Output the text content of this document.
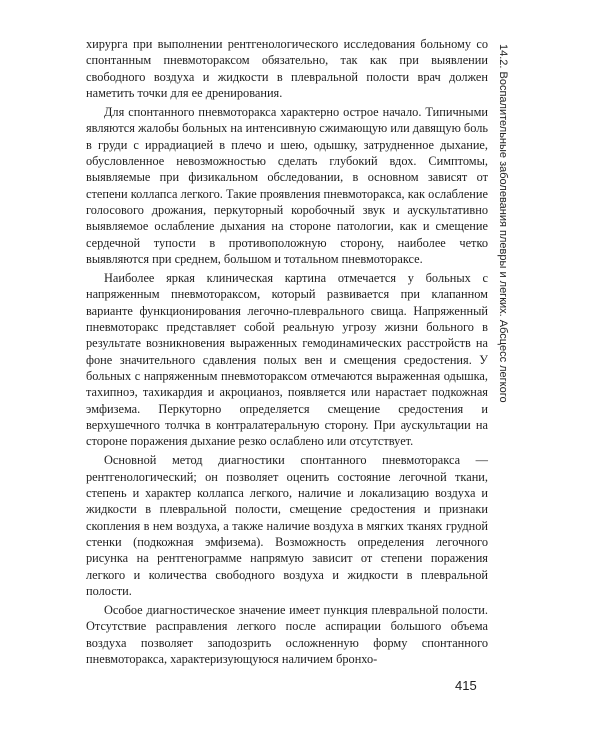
хирурга при выполнении рентгенологического исследования больному со спонтанным пневмотораксом обязательно, так как при выявлении свободного воздуха и жидкости в плевральной полости врач должен наметить точки для ее дренирования.

Для спонтанного пневмоторакса характерно острое начало. Типичными являются жалобы больных на интенсивную сжимающую или давящую боль в груди с иррадиацией в плечо и шею, одышку, затрудненное дыхание, обусловленное невозможностью сделать глубокий вдох. Симптомы, выявляемые при физикальном обследовании, в основном зависят от степени коллапса легкого. Такие проявления пневмоторакса, как ослабление голосового дрожания, перкуторный коробочный звук и аускультативно выявляемое ослабление дыхания на стороне патологии, как и смещение сердечной тупости в противоположную сторону, наиболее четко выявляются при среднем, большом и тотальном пневмотораксе.

Наиболее яркая клиническая картина отмечается у больных с напряженным пневмотораксом, который развивается при клапанном варианте функционирования легочно-плеврального свища. Напряженный пневмоторакс представляет собой реальную угрозу жизни больного в результате возникновения выраженных гемодинамических расстройств на фоне значительного сдавления полых вен и смещения средостения. У больных с напряженным пневмотораксом отмечаются выраженная одышка, тахипноэ, тахикардия и акроцианоз, появляется или нарастает подкожная эмфизема. Перкуторно определяется смещение средостения и верхушечного толчка в контралатеральную сторону. При аускультации на стороне поражения дыхание резко ослаблено или отсутствует.

Основной метод диагностики спонтанного пневмоторакса — рентгенологический; он позволяет оценить состояние легочной ткани, степень и характер коллапса легкого, наличие и локализацию воздуха и жидкости в плевральной полости, смещение средостения и признаки скопления в нем воздуха, а также наличие воздуха в мягких тканях грудной стенки (подкожная эмфизема). Возможность определения легочного рисунка на рентгенограмме напрямую зависит от степени поражения легкого и количества свободного воздуха и жидкости в плевральной полости.

Особое диагностическое значение имеет пункция плевральной полости. Отсутствие расправления легкого после аспирации большого объема воздуха позволяет заподозрить осложненную форму спонтанного пневмоторакса, характеризующуюся наличием бронхо-

14.2. Воспалительные заболевания плевры и легких. Абсцесс легкого
415
